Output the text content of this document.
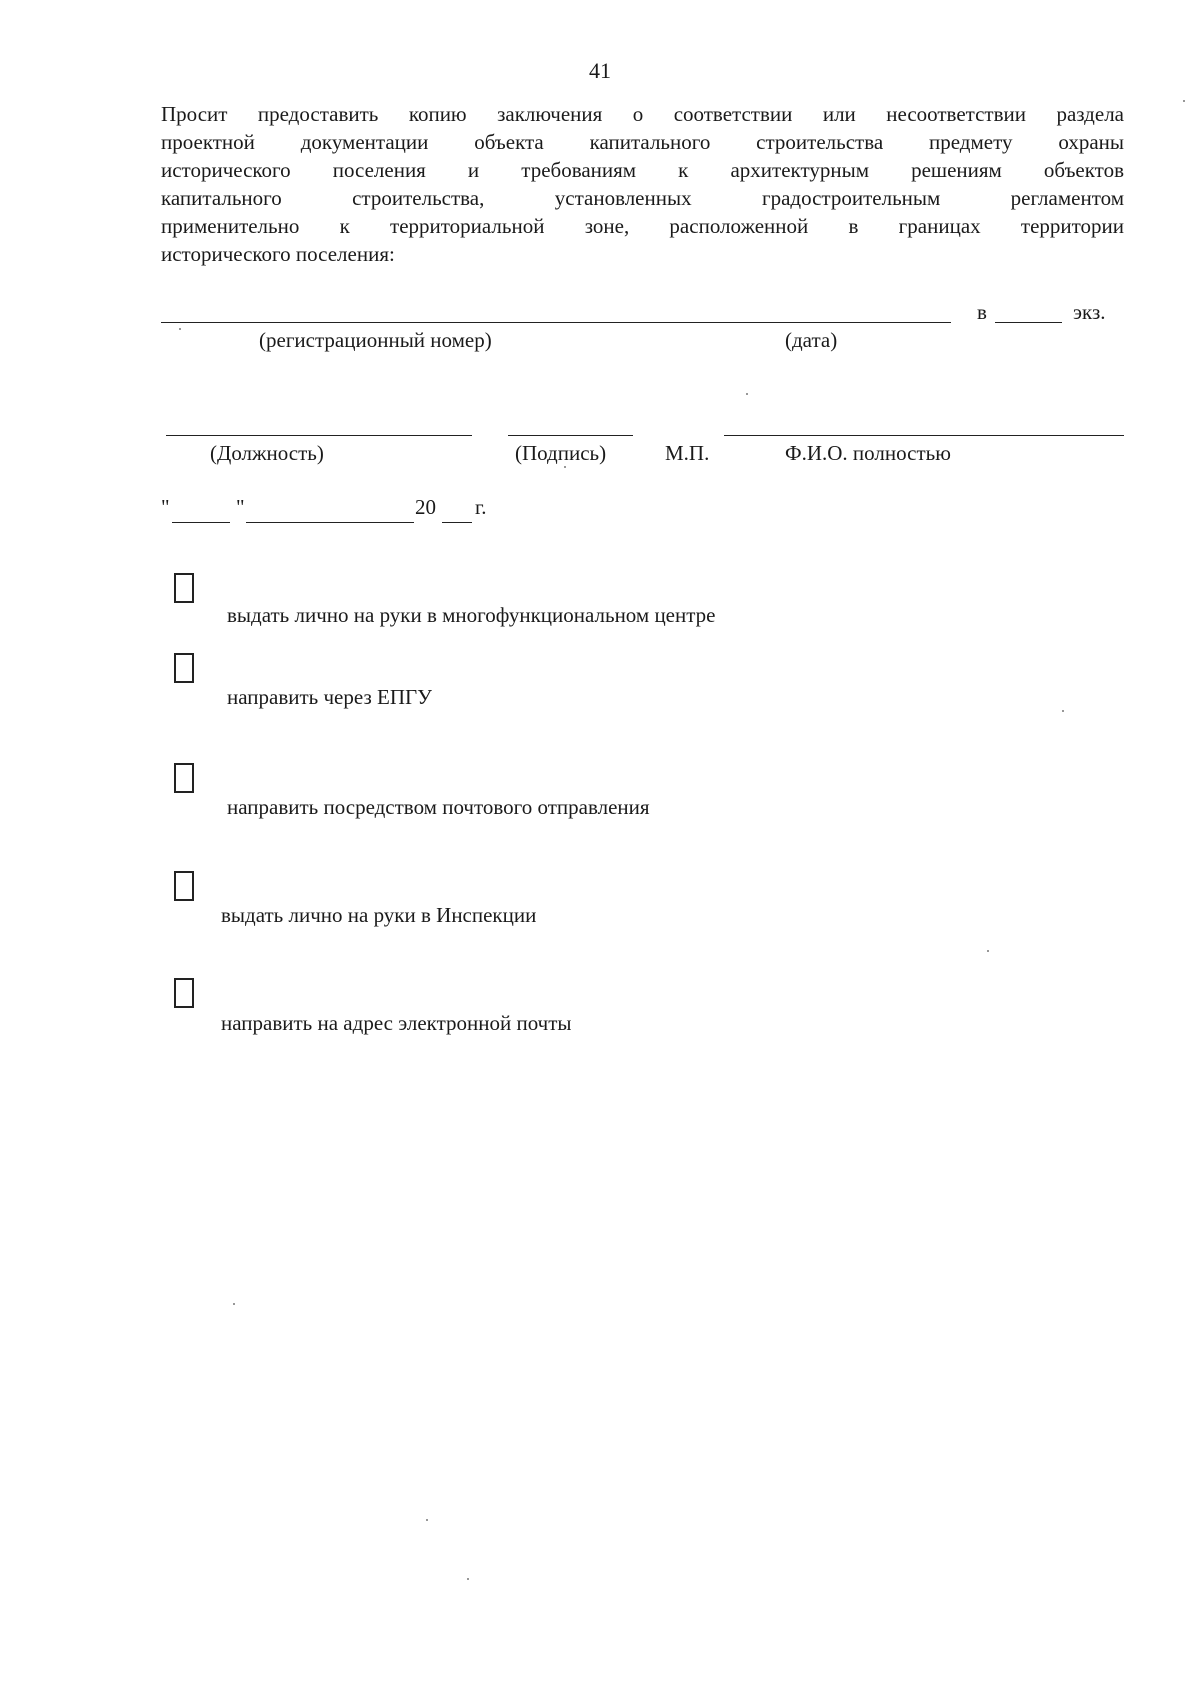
41
Просит предоставить копию заключения о соответствии или несоответствии раздела
проектной документации объекта капитального строительства предмету охраны
исторического поселения и требованиям к архитектурным решениям объектов
капитального строительства, установленных градостроительным регламентом
применительно к территориальной зоне, расположенной в границах территории
исторического поселения:
в	экз.
(регистрационный номер)	(дата)
(Должность)	(Подпись)	М.П.	Ф.И.О. полностью
"	"	20 г.
выдать лично на руки в многофункциональном центре
направить через ЕПГУ
направить посредством почтового отправления
выдать лично на руки в Инспекции
направить на адрес электронной почты
